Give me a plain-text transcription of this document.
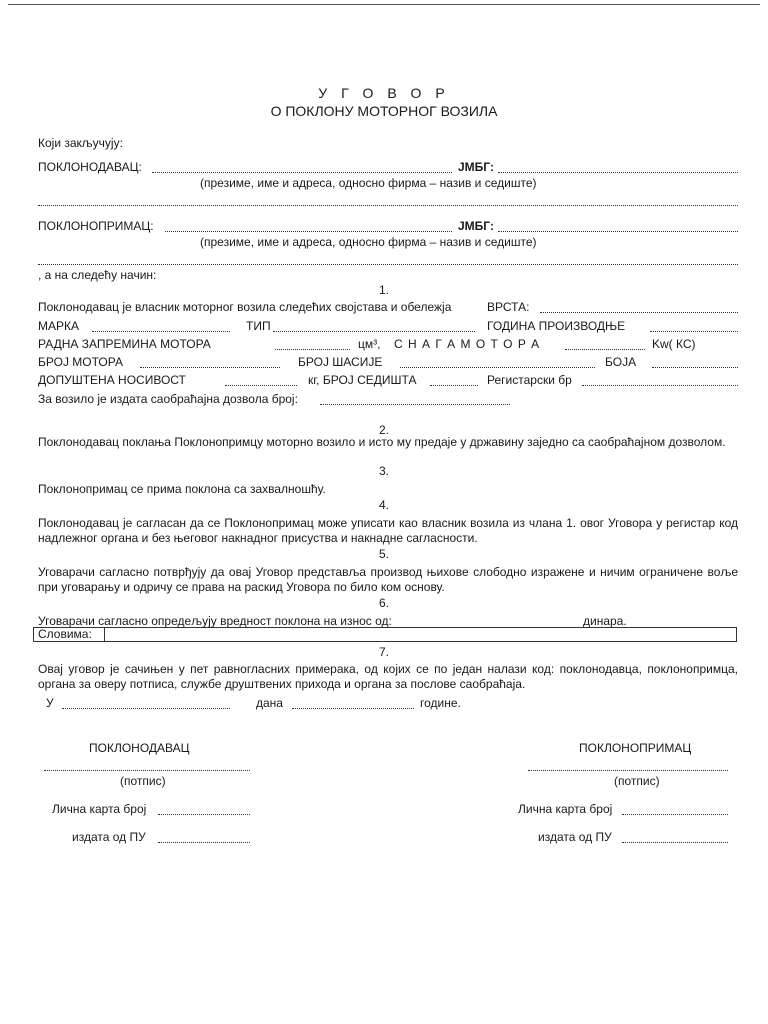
У Г О В О Р
О ПОКЛОНУ МОТОРНОГ ВОЗИЛА
Који закључују:
ПОКЛОНОДАВАЦ:	ЈМБГ:
(презиме, име и адреса, односно фирма – назив и седиште)
ПОКЛОНОПРИМАЦ:	ЈМБГ:
(презиме, име и адреса, односно фирма – назив и седиште)
, а на следећу начин:
1.
Поклонодавац је власник моторног возила следећих својстава и обележја	ВРСТА:
МАРКА	ТИП	ГОДИНА ПРОИЗВОДЊЕ
РАДНА ЗАПРЕМИНА МОТОРА	цм³, С Н А Г А М О Т О Р А	Kw( КС)
БРОЈ МОТОРА	БРОЈ ШАСИЈЕ	БОЈА
ДОПУШТЕНА НОСИВОСТ	кг, БРОЈ СЕДИШТА	Регистарски бр
За возило је издата саобраћајна дозвола број:
2.
Поклонодавац поклања Поклонопримцу моторно возило и исто му предаје у државину заједно са саобраћајном дозволом.
3.
Поклонопримац се прима поклона са захвалношћу.
4.
Поклонодавац је сагласан да се Поклонопримац може уписати као власник возила из члана 1. овог Уговора у регистар код надлежног органа и без његовог накнадног присуства и накнадне сагласности.
5.
Уговарачи сагласно потврђују да овај Уговор представља производ њихове слободно изражене и ничим ограничене воље при уговарању и одричу се права на раскид Уговора по било ком основу.
6.
Уговарачи сагласно опредељују вредност поклона на износ од:	динара.
Словима:
7.
Овај уговор је сачињен у пет равногласних примерака, од којих се по један налази код: поклонодавца, поклонопримца, органа за оверу потписа, службе друштвених прихода и органа за послове саобраћаја.
У	дана	године.
ПОКЛОНОДАВАЦ
(потпис)
ПОКЛОНОПРИМАЦ
(потпис)
Лична карта број	Лична карта број
издата од ПУ	издата од ПУ
